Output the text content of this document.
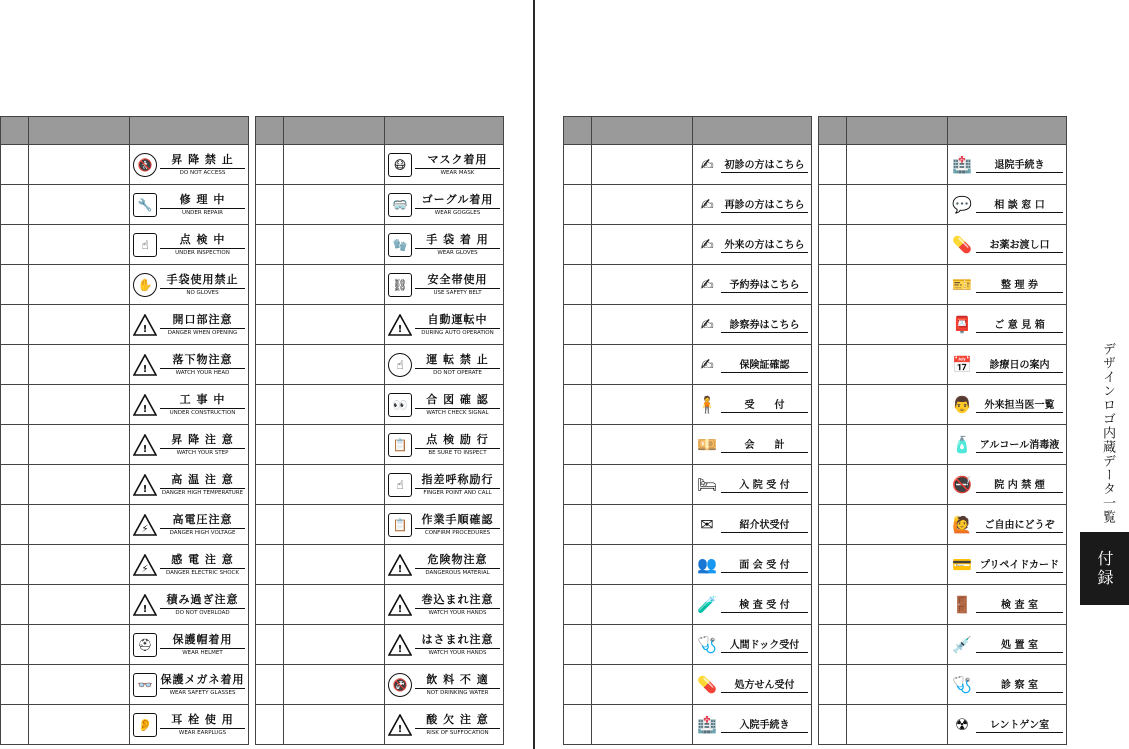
🚷 昇 降 禁 止
DO NOT ACCESS

🔧 修 理 中
UNDER REPAIR

☝ 点 検 中
UNDER INSPECTION

✋ 手袋使用禁止
NO GLOVES

!
開口部注意
DANGER WHEN OPENING

!
落下物注意
WATCH YOUR HEAD

!
工 事 中
UNDER CONSTRUCTION

!
昇 降 注 意
WATCH YOUR STEP

!
高 温 注 意
DANGER HIGH TEMPERATURE

⚡
高電圧注意
DANGER HIGH VOLTAGE

⚡
感 電 注 意
DANGER ELECTRIC SHOCK

!
積み過ぎ注意
DO NOT OVERLOAD

⛑ 保護帽着用
WEAR HELMET

👓 保護メガネ着用
WEAR SAFETY GLASSES

👂 耳 栓 使 用
WEAR EARPLUGS

😷 マスク着用
WEAR MASK

🥽 ゴーグル着用
WEAR GOGGLES

🧤 手 袋 着 用
WEAR GLOVES

⛓ 安全帯使用
USE SAFETY BELT

!
自動運転中
DURING AUTO OPERATION

☝ 運 転 禁 止
DO NOT OPERATE

👀 合 図 確 認
WATCH CHECK SIGNAL

📋 点 検 励 行
BE SURE TO INSPECT

☝ 指差呼称励行
FINGER POINT AND CALL

📋 作業手順確認
CONFIRM PROCEDURES

!
危険物注意
DANGEROUS MATERIAL

!
巻込まれ注意
WATCH YOUR HANDS

!
はさまれ注意
WATCH YOUR HANDS

🚱 飲 料 不 適
NOT DRINKING WATER

!
酸 欠 注 意
RISK OF SUFFOCATION

✍ 初診の方はこちら

✍ 再診の方はこちら

✍ 外来の方はこちら

✍ 予約券はこちら

✍ 診察券はこちら

✍ 保険証確認

🧍 受　　付

💴 会　　計

🛏 入 院 受 付

✉ 紹介状受付

👥 面 会 受 付

🧪 検 査 受 付

🩺 人間ドック受付

💊 処方せん受付

🏥 入院手続き

🏥 退院手続き

💬 相 談 窓 口

💊 お薬お渡し口

🎫 整 理 券

📮 ご 意 見 箱

📅 診療日の案内

👨 外来担当医一覧

🧴 アルコール消毒液

🚭 院 内 禁 煙

🙋 ご自由にどうぞ

💳 プリペイドカード

🚪 検 査 室

💉 処 置 室

🩺 診 察 室

☢ レントゲン室
デザインロゴ内蔵データ一覧
付録
